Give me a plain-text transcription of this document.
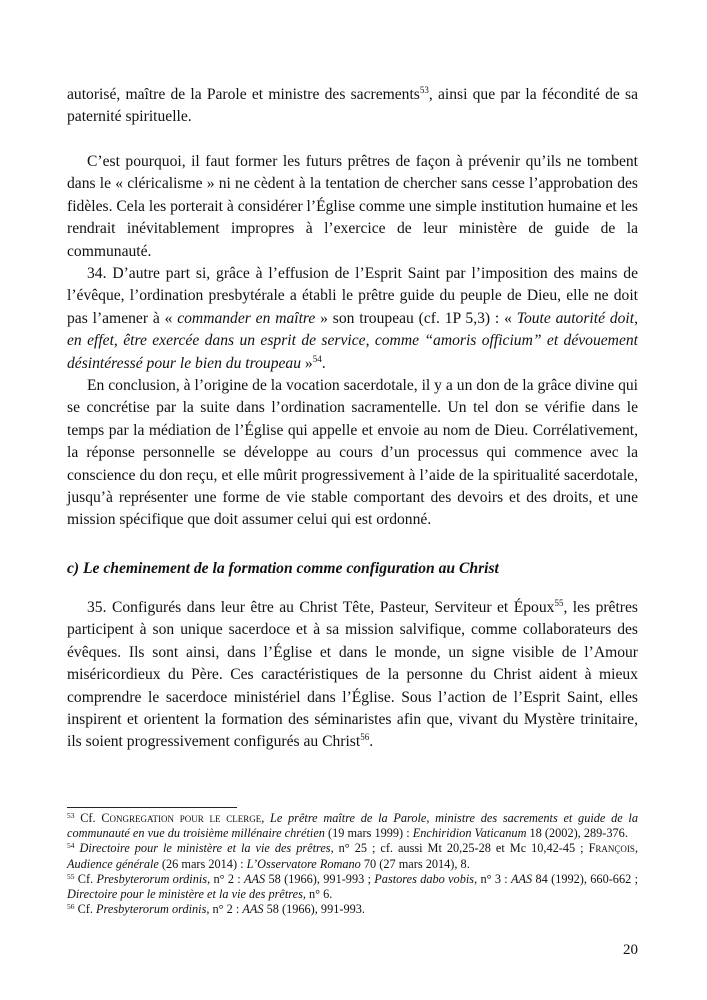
autorisé, maître de la Parole et ministre des sacrements$^{53}$, ainsi que par la fécondité de sa paternité spirituelle.

C’est pourquoi, il faut former les futurs prêtres de façon à prévenir qu’ils ne tombent dans le « cléricalisme » ni ne cèdent à la tentation de chercher sans cesse l’approbation des fidèles. Cela les porterait à considérer l’Église comme une simple institution humaine et les rendrait inévitablement impropres à l’exercice de leur ministère de guide de la communauté.

34. D’autre part si, grâce à l’effusion de l’Esprit Saint par l’imposition des mains de l’évêque, l’ordination presbytérale a établi le prêtre guide du peuple de Dieu, elle ne doit pas l’amener à « commander en maître » son troupeau (cf. 1P 5,3) : « Toute autorité doit, en effet, être exercée dans un esprit de service, comme “amoris officium” et dévouement désintéressé pour le bien du troupeau »$^{54}$.

En conclusion, à l’origine de la vocation sacerdotale, il y a un don de la grâce divine qui se concrétise par la suite dans l’ordination sacramentelle. Un tel don se vérifie dans le temps par la médiation de l’Église qui appelle et envoie au nom de Dieu. Corrélativement, la réponse personnelle se développe au cours d’un processus qui commence avec la conscience du don reçu, et elle mûrit progressivement à l’aide de la spiritualité sacerdotale, jusqu’à représenter une forme de vie stable comportant des devoirs et des droits, et une mission spécifique que doit assumer celui qui est ordonné.

c) Le cheminement de la formation comme configuration au Christ

35. Configurés dans leur être au Christ Tête, Pasteur, Serviteur et Époux$^{55}$, les prêtres participent à son unique sacerdoce et à sa mission salvifique, comme collaborateurs des évêques. Ils sont ainsi, dans l’Église et dans le monde, un signe visible de l’Amour miséricordieux du Père. Ces caractéristiques de la personne du Christ aident à mieux comprendre le sacerdoce ministériel dans l’Église. Sous l’action de l’Esprit Saint, elles inspirent et orientent la formation des séminaristes afin que, vivant du Mystère trinitaire, ils soient progressivement configurés au Christ$^{56}$.

$^{53}$ Cf. Congregation pour le clerge, Le prêtre maître de la Parole, ministre des sacrements et guide de la communauté en vue du troisième millénaire chrétien (19 mars 1999) : Enchiridion Vaticanum 18 (2002), 289-376.

$^{54}$ Directoire pour le ministère et la vie des prêtres, n° 25 ; cf. aussi Mt 20,25-28 et Mc 10,42-45 ; François, Audience générale (26 mars 2014) : L’Osservatore Romano 70 (27 mars 2014), 8.

$^{55}$ Cf. Presbyterorum ordinis, n° 2 : AAS 58 (1966), 991-993 ; Pastores dabo vobis, n° 3 : AAS 84 (1992), 660-662 ; Directoire pour le ministère et la vie des prêtres, n° 6.

$^{56}$ Cf. Presbyterorum ordinis, n° 2 : AAS 58 (1966), 991-993.

20
